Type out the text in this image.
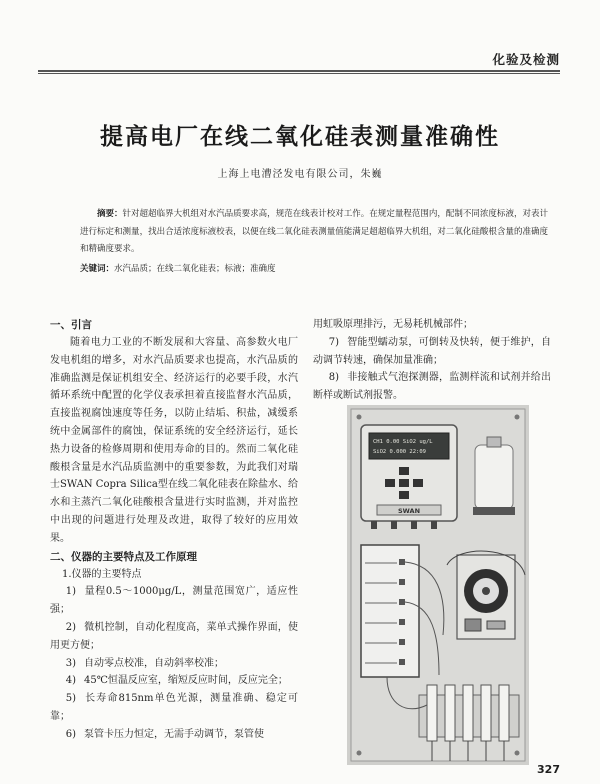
化验及检测
提高电厂在线二氧化硅表测量准确性
上海上电漕泾发电有限公司，朱巍
摘要：针对超超临界大机组对水汽品质要求高，规范在线表计校对工作。在规定量程范围内，配制不同浓度标液，对表计进行标定和测量，找出合适浓度标液校表，以便在线二氧化硅表测量值能满足超超临界大机组，对二氧化硅酸根含量的准确度和精确度要求。
关键词：水汽品质；在线二氧化硅表；标液；准确度

一、引言

随着电力工业的不断发展和大容量、高参数火电厂发电机组的增多，对水汽品质要求也提高，水汽品质的准确监测是保证机组安全、经济运行的必要手段，水汽循环系统中配置的化学仪表承担着直接监督水汽品质，直接监视腐蚀速度等任务，以防止结垢、积盐，减缓系统中金属部件的腐蚀，保证系统的安全经济运行，延长热力设备的检修周期和使用寿命的目的。然而二氧化硅酸根含量是水汽品质监测中的重要参数，为此我们对瑞士SWAN Copra Silica型在线二氧化硅表在除盐水、给水和主蒸汽二氧化硅酸根含量进行实时监测，并对监控中出现的问题进行处理及改进，取得了较好的应用效果。

二、仪器的主要特点及工作原理

1.仪器的主要特点

1) 量程0.5～1000μg/L，测量范围宽广，适应性强；

2) 微机控制，自动化程度高，菜单式操作界面，使用更方便；

3) 自动零点校准，自动斜率校准；

4) 45℃恒温反应室，缩短反应时间，反应完全；

5) 长寿命815nm单色光源，测量准确、稳定可靠；

6) 泵管卡压力恒定，无需手动调节，泵管使

用虹吸原理排污，无易耗机械部件；

7) 智能型蠕动泵，可倒转及快转，便于维护，自动调节转速，确保加量准确；

8) 非接触式气泡探测器，监测样流和试剂并给出断样或断试剂报警。

CH1 0.00 SiO2 ug/L
SiO2 0.000 22:09
SWAN
327
